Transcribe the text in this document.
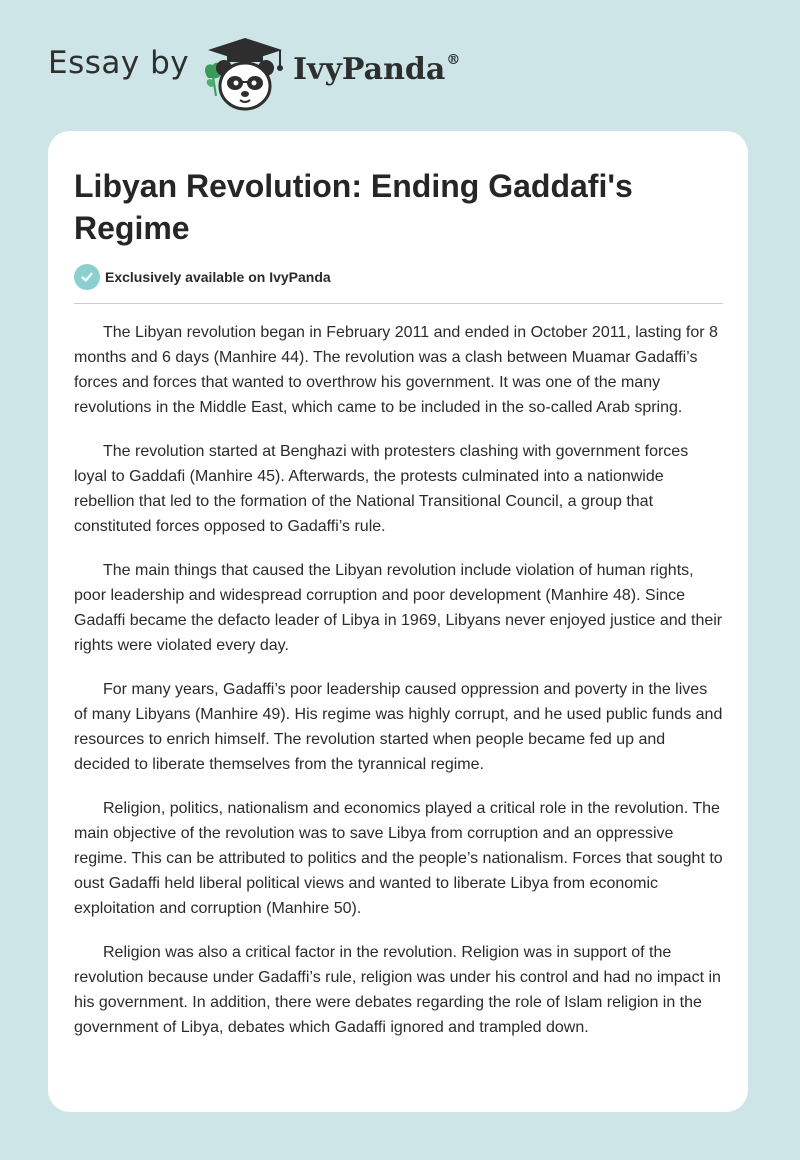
Essay by	IvyPanda®
Libyan Revolution: Ending Gaddafi's Regime
Exclusively available on IvyPanda

The Libyan revolution began in February 2011 and ended in October 2011, lasting for 8 months and 6 days (Manhire 44). The revolution was a clash between Muamar Gadaffi’s forces and forces that wanted to overthrow his government. It was one of the many revolutions in the Middle East, which came to be included in the so-called Arab spring.

The revolution started at Benghazi with protesters clashing with government forces loyal to Gaddafi (Manhire 45). Afterwards, the protests culminated into a nationwide rebellion that led to the formation of the National Transitional Council, a group that constituted forces opposed to Gadaffi’s rule.

The main things that caused the Libyan revolution include violation of human rights, poor leadership and widespread corruption and poor development (Manhire 48). Since Gadaffi became the defacto leader of Libya in 1969, Libyans never enjoyed justice and their rights were violated every day.

For many years, Gadaffi’s poor leadership caused oppression and poverty in the lives of many Libyans (Manhire 49). His regime was highly corrupt, and he used public funds and resources to enrich himself. The revolution started when people became fed up and decided to liberate themselves from the tyrannical regime.

Religion, politics, nationalism and economics played a critical role in the revolution. The main objective of the revolution was to save Libya from corruption and an oppressive regime. This can be attributed to politics and the people’s nationalism. Forces that sought to oust Gadaffi held liberal political views and wanted to liberate Libya from economic exploitation and corruption (Manhire 50).

Religion was also a critical factor in the revolution. Religion was in support of the revolution because under Gadaffi’s rule, religion was under his control and had no impact in his government. In addition, there were debates regarding the role of Islam religion in the government of Libya, debates which Gadaffi ignored and trampled down.
